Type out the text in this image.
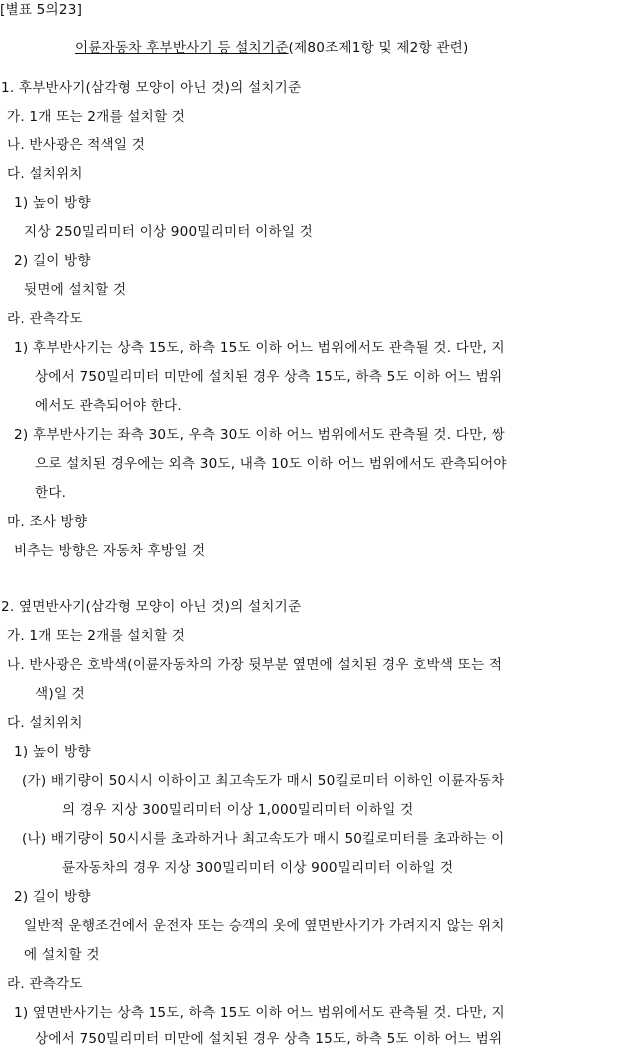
[별표 5의23]
이륜자동차 후부반사기 등 설치기준(제80조제1항 및 제2항 관련)
1. 후부반사기(삼각형 모양이 아닌 것)의 설치기준
가. 1개 또는 2개를 설치할 것
나. 반사광은 적색일 것
다. 설치위치
1) 높이 방향
지상 250밀리미터 이상 900밀리미터 이하일 것
2) 길이 방향
뒷면에 설치할 것
라. 관측각도
1) 후부반사기는 상측 15도, 하측 15도 이하 어느 범위에서도 관측될 것. 다만, 지
상에서 750밀리미터 미만에 설치된 경우 상측 15도, 하측 5도 이하 어느 범위
에서도 관측되어야 한다.
2) 후부반사기는 좌측 30도, 우측 30도 이하 어느 범위에서도 관측될 것. 다만, 쌍
으로 설치된 경우에는 외측 30도, 내측 10도 이하 어느 범위에서도 관측되어야
한다.
마. 조사 방향
비추는 방향은 자동차 후방일 것
2. 옆면반사기(삼각형 모양이 아닌 것)의 설치기준
가. 1개 또는 2개를 설치할 것
나. 반사광은 호박색(이륜자동차의 가장 뒷부분 옆면에 설치된 경우 호박색 또는 적
색)일 것
다. 설치위치
1) 높이 방향
(가) 배기량이 50시시 이하이고 최고속도가 매시 50킬로미터 이하인 이륜자동차
의 경우 지상 300밀리미터 이상 1,000밀리미터 이하일 것
(나) 배기량이 50시시를 초과하거나 최고속도가 매시 50킬로미터를 초과하는 이
륜자동차의 경우 지상 300밀리미터 이상 900밀리미터 이하일 것
2) 길이 방향
일반적 운행조건에서 운전자 또는 승객의 옷에 옆면반사기가 가려지지 않는 위치
에 설치할 것
라. 관측각도
1) 옆면반사기는 상측 15도, 하측 15도 이하 어느 범위에서도 관측될 것. 다만, 지
상에서 750밀리미터 미만에 설치된 경우 상측 15도, 하측 5도 이하 어느 범위
